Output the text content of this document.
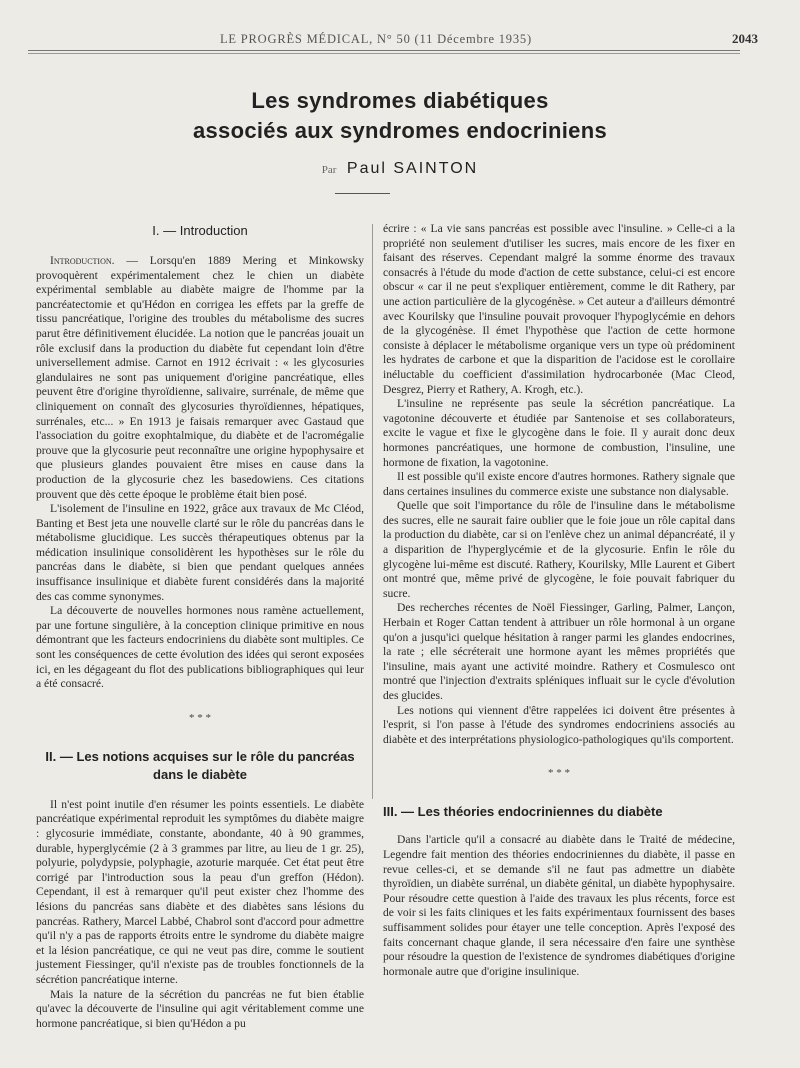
LE PROGRÈS MÉDICAL, N° 50 (11 Décembre 1935)	2043
Les syndromes diabétiques
associés aux syndromes endocriniens
Par Paul SAINTON
I. — Introduction

Introduction. — Lorsqu'en 1889 Mering et Minkowsky provoquèrent expérimentalement chez le chien un diabète expérimental semblable au diabète maigre de l'homme par la pancréatectomie et qu'Hédon en corrigea les effets par la greffe de tissu pancréatique, l'origine des troubles du métabolisme des sucres parut être définitivement élucidée. La notion que le pancréas jouait un rôle exclusif dans la production du diabète fut cependant loin d'être universellement admise. Carnot en 1912 écrivait : « les glycosuries glandulaires ne sont pas uniquement d'origine pancréatique, elles peuvent être d'origine thyroïdienne, salivaire, surrénale, de même que cliniquement on connaît des glycosuries thyroïdiennes, hépatiques, surrénales, etc... » En 1913 je faisais remarquer avec Gastaud que l'association du goitre exophtalmique, du diabète et de l'acromégalie prouve que la glycosurie peut reconnaître une origine hypophysaire et que plusieurs glandes pouvaient être mises en cause dans la production de la glycosurie chez les basedowiens. Ces citations prouvent que dès cette époque le problème était bien posé.

L'isolement de l'insuline en 1922, grâce aux travaux de Mc Cléod, Banting et Best jeta une nouvelle clarté sur le rôle du pancréas dans le métabolisme glucidique. Les succès thérapeutiques obtenus par la médication insulinique consolidèrent les hypothèses sur le rôle du pancréas dans le diabète, si bien que pendant quelques années insuffisance insulinique et diabète furent considérés dans la majorité des cas comme synonymes.

La découverte de nouvelles hormones nous ramène actuellement, par une fortune singulière, à la conception clinique primitive en nous démontrant que les facteurs endocriniens du diabète sont multiples. Ce sont les conséquences de cette évolution des idées qui seront exposées ici, en les dégageant du flot des publications bibliographiques qui leur a été consacré.

* * *
II. — Les notions acquises sur le rôle du pancréas dans le diabète

Il n'est point inutile d'en résumer les points essentiels. Le diabète pancréatique expérimental reproduit les symptômes du diabète maigre : glycosurie immédiate, constante, abondante, 40 à 90 grammes, durable, hyperglycémie (2 à 3 grammes par litre, au lieu de 1 gr. 25), polyurie, polydypsie, polyphagie, azoturie marquée. Cet état peut être corrigé par l'introduction sous la peau d'un greffon (Hédon). Cependant, il est à remarquer qu'il peut exister chez l'homme des lésions du pancréas sans diabète et des diabètes sans lésions du pancréas. Rathery, Marcel Labbé, Chabrol sont d'accord pour admettre qu'il n'y a pas de rapports étroits entre le syndrome du diabète maigre et la lésion pancréatique, ce qui ne veut pas dire, comme le soutient justement Fiessinger, qu'il n'existe pas de troubles fonctionnels de la sécrétion pancréatique interne.

Mais la nature de la sécrétion du pancréas ne fut bien établie qu'avec la découverte de l'insuline qui agit véritablement comme une hormone pancréatique, si bien qu'Hédon a pu

écrire : « La vie sans pancréas est possible avec l'insuline. » Celle-ci a la propriété non seulement d'utiliser les sucres, mais encore de les fixer en faisant des réserves. Cependant malgré la somme énorme des travaux consacrés à l'étude du mode d'action de cette substance, celui-ci est encore obscur « car il ne peut s'expliquer entièrement, comme le dit Rathery, par une action particulière de la glycogénèse. » Cet auteur a d'ailleurs démontré avec Kourilsky que l'insuline pouvait provoquer l'hypoglycémie en dehors de la glycogénèse. Il émet l'hypothèse que l'action de cette hormone consiste à déplacer le métabolisme organique vers un type où prédominent les hydrates de carbone et que la disparition de l'acidose est le corollaire inéluctable du coefficient d'assimilation hydrocarbonée (Mac Cleod, Desgrez, Pierry et Rathery, A. Krogh, etc.).

L'insuline ne représente pas seule la sécrétion pancréatique. La vagotonine découverte et étudiée par Santenoise et ses collaborateurs, excite le vague et fixe le glycogène dans le foie. Il y aurait donc deux hormones pancréatiques, une hormone de combustion, l'insuline, une hormone de fixation, la vagotonine.

Il est possible qu'il existe encore d'autres hormones. Rathery signale que dans certaines insulines du commerce existe une substance non dialysable.

Quelle que soit l'importance du rôle de l'insuline dans le métabolisme des sucres, elle ne saurait faire oublier que le foie joue un rôle capital dans la production du diabète, car si on l'enlève chez un animal dépancréaté, il y a disparition de l'hyperglycémie et de la glycosurie. Enfin le rôle du glycogène lui-même est discuté. Rathery, Kourilsky, Mlle Laurent et Gibert ont montré que, même privé de glycogène, le foie pouvait fabriquer du sucre.

Des recherches récentes de Noël Fiessinger, Garling, Palmer, Lançon, Herbain et Roger Cattan tendent à attribuer un rôle hormonal à un organe qu'on a jusqu'ici quelque hésitation à ranger parmi les glandes endocrines, la rate ; elle sécréterait une hormone ayant les mêmes propriétés que l'insuline, mais ayant une activité moindre. Rathery et Cosmulesco ont montré que l'injection d'extraits spléniques influait sur le cycle d'évolution des glucides.

Les notions qui viennent d'être rappelées ici doivent être présentes à l'esprit, si l'on passe à l'étude des syndromes endocriniens associés au diabète et des interprétations physiologico-pathologiques qu'ils comportent.

* * *
III. — Les théories endocriniennes du diabète

Dans l'article qu'il a consacré au diabète dans le Traité de médecine, Legendre fait mention des théories endocriniennes du diabète, il passe en revue celles-ci, et se demande s'il ne faut pas admettre un diabète thyroïdien, un diabète surrénal, un diabète génital, un diabète hypophysaire. Pour résoudre cette question à l'aide des travaux les plus récents, force est de voir si les faits cliniques et les faits expérimentaux fournissent des bases suffisamment solides pour étayer une telle conception. Après l'exposé des faits concernant chaque glande, il sera nécessaire d'en faire une synthèse pour résoudre la question de l'existence de syndromes diabétiques d'origine hormonale autre que d'origine insulinique.
